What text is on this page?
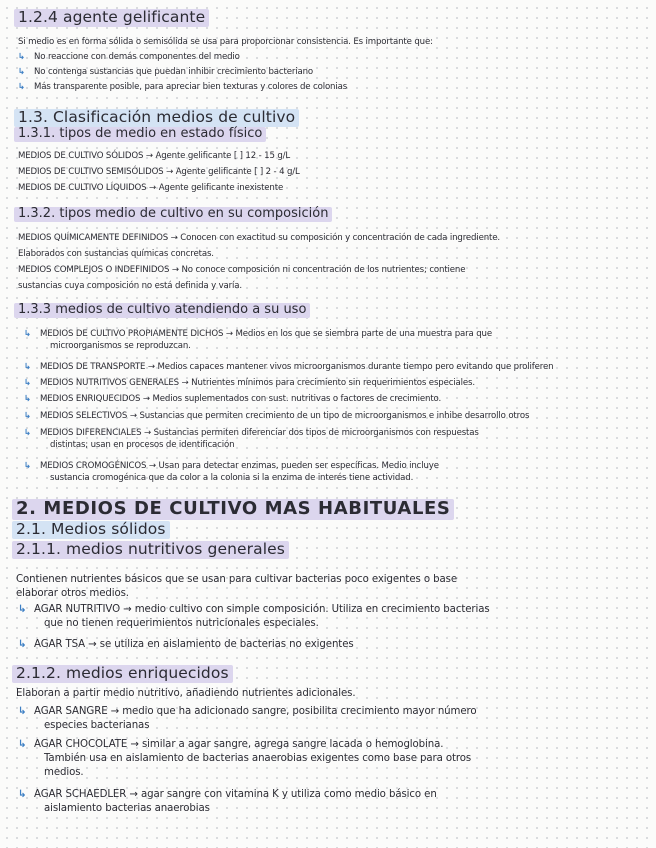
1.2.4 agente gelificante
Si medio es en forma sólida o semisólida se usa para proporcionar consistencia. Es importante que:
↳ No reaccione con demás componentes del medio
↳ No contenga sustancias que puedan inhibir crecimiento bacteriano
↳ Más transparente posible, para apreciar bien texturas y colores de colonias
1.3. Clasificación medios de cultivo
1.3.1. tipos de medio en estado físico
MEDIOS DE CULTIVO SÓLIDOS → Agente gelificante [ ] 12 - 15 g/L
MEDIOS DE CULTIVO SEMISÓLIDOS → Agente gelificante [ ] 2 - 4 g/L
MEDIOS DE CULTIVO LÍQUIDOS → Agente gelificante inexistente
1.3.2. tipos medio de cultivo en su composición
MEDIOS QUÍMICAMENTE DEFINIDOS → Conocen con exactitud su composición y concentración de cada ingrediente.
Elaborados con sustancias químicas concretas.
MEDIOS COMPLEJOS O INDEFINIDOS → No conoce composición ni concentración de los nutrientes; contiene
sustancias cuya composición no está definida y varía.
1.3.3 medios de cultivo atendiendo a su uso
↳ MEDIOS DE CULTIVO PROPIAMENTE DICHOS → Medios en los que se siembra parte de una muestra para que
microorganismos se reproduzcan.
↳ MEDIOS DE TRANSPORTE → Medios capaces mantener vivos microorganismos durante tiempo pero evitando que proliferen
↳ MEDIOS NUTRITIVOS GENERALES → Nutrientes mínimos para crecimiento sin requerimientos especiales.
↳ MEDIOS ENRIQUECIDOS → Medios suplementados con sust. nutritivas o factores de crecimiento.
↳ MEDIOS SELECTIVOS → Sustancias que permiten crecimiento de un tipo de microorganismos e inhibe desarrollo otros
↳ MEDIOS DIFERENCIALES → Sustancias permiten diferenciar dos tipos de microorganismos con respuestas
distintas; usan en procesos de identificación
↳ MEDIOS CROMOGÉNICOS → Usan para detectar enzimas, pueden ser específicas. Medio incluye
sustancia cromogénica que da color a la colonia si la enzima de interés tiene actividad.
2. MEDIOS DE CULTIVO MAS HABITUALES
2.1. Medios sólidos
2.1.1. medios nutritivos generales
Contienen nutrientes básicos que se usan para cultivar bacterias poco exigentes o base
elaborar otros medios.
↳ AGAR NUTRITIVO → medio cultivo con simple composición. Utiliza en crecimiento bacterias
que no tienen requerimientos nutricionales especiales.
↳ AGAR TSA → se utiliza en aislamiento de bacterias no exigentes
2.1.2. medios enriquecidos
Elaboran a partir medio nutritivo, añadiendo nutrientes adicionales.
↳ AGAR SANGRE → medio que ha adicionado sangre, posibilita crecimiento mayor número
especies bacterianas
↳ AGAR CHOCOLATE → similar a agar sangre, agrega sangre lacada o hemoglobina.
También usa en aislamiento de bacterias anaerobias exigentes como base para otros
medios.
↳ AGAR SCHAEDLER → agar sangre con vitamina K y utiliza como medio básico en
aislamiento bacterias anaerobias
